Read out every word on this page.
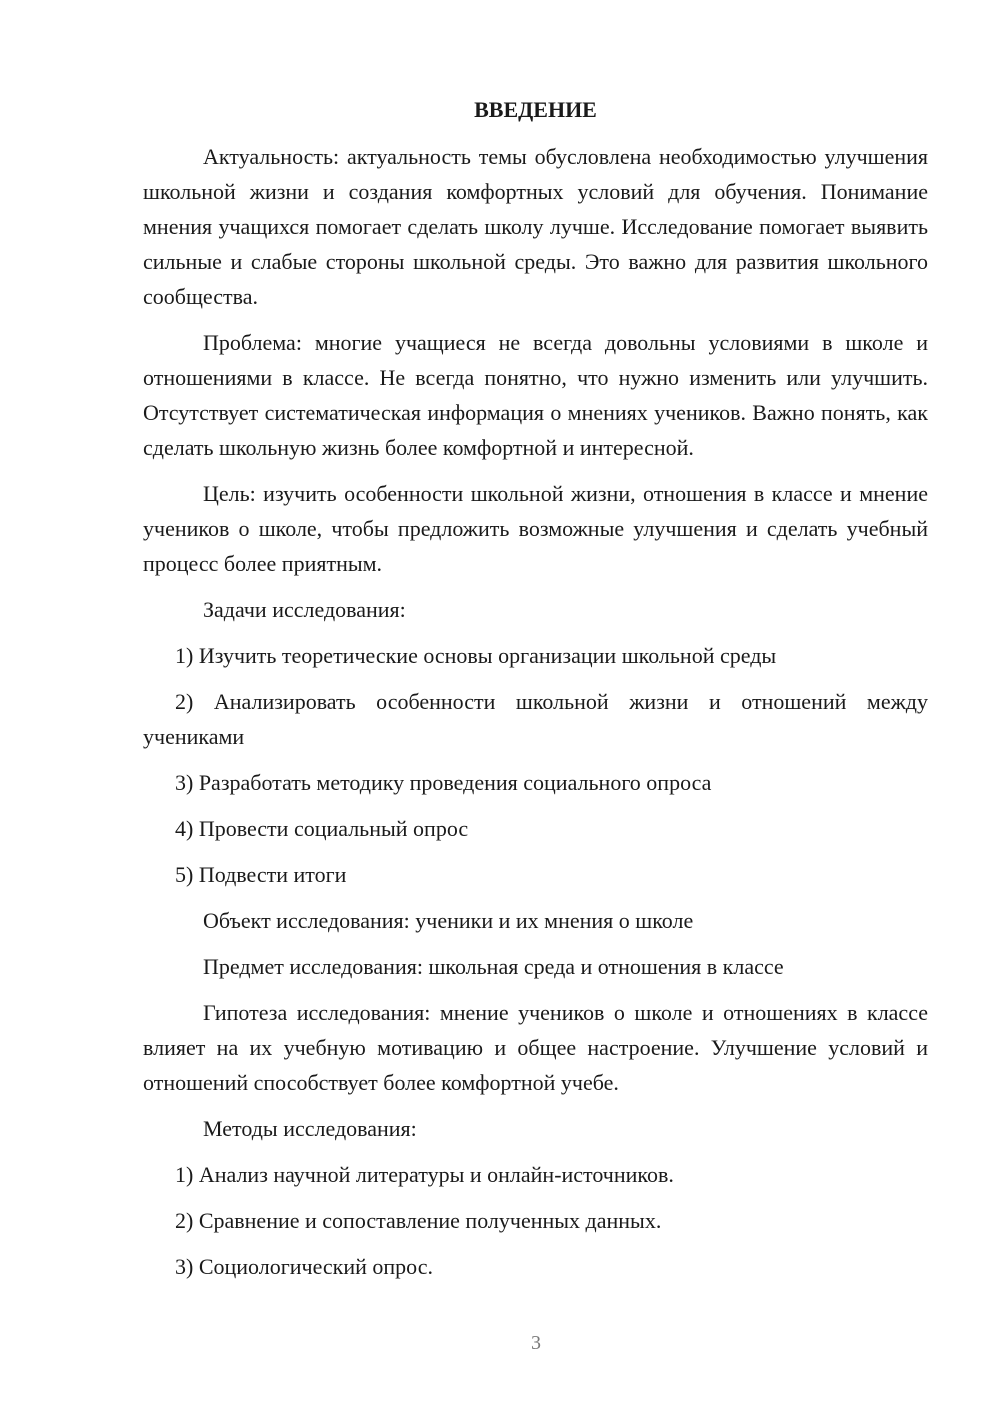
ВВЕДЕНИЕ

Актуальность: актуальность темы обусловлена необходимостью улучшения школьной жизни и создания комфортных условий для обучения. Понимание мнения учащихся помогает сделать школу лучше. Исследование помогает выявить сильные и слабые стороны школьной среды. Это важно для развития школьного сообщества.

Проблема: многие учащиеся не всегда довольны условиями в школе и отношениями в классе. Не всегда понятно, что нужно изменить или улучшить. Отсутствует систематическая информация о мнениях учеников. Важно понять, как сделать школьную жизнь более комфортной и интересной.

Цель: изучить особенности школьной жизни, отношения в классе и мнение учеников о школе, чтобы предложить возможные улучшения и сделать учебный процесс более приятным.

Задачи исследования:

1) Изучить теоретические основы организации школьной среды

2) Анализировать особенности школьной жизни и отношений между учениками

3) Разработать методику проведения социального опроса

4) Провести социальный опрос

5) Подвести итоги

Объект исследования: ученики и их мнения о школе

Предмет исследования: школьная среда и отношения в классе

Гипотеза исследования: мнение учеников о школе и отношениях в классе влияет на их учебную мотивацию и общее настроение. Улучшение условий и отношений способствует более комфортной учебе.

Методы исследования:

1) Анализ научной литературы и онлайн-источников.

2) Сравнение и сопоставление полученных данных.

3) Социологический опрос.

3
